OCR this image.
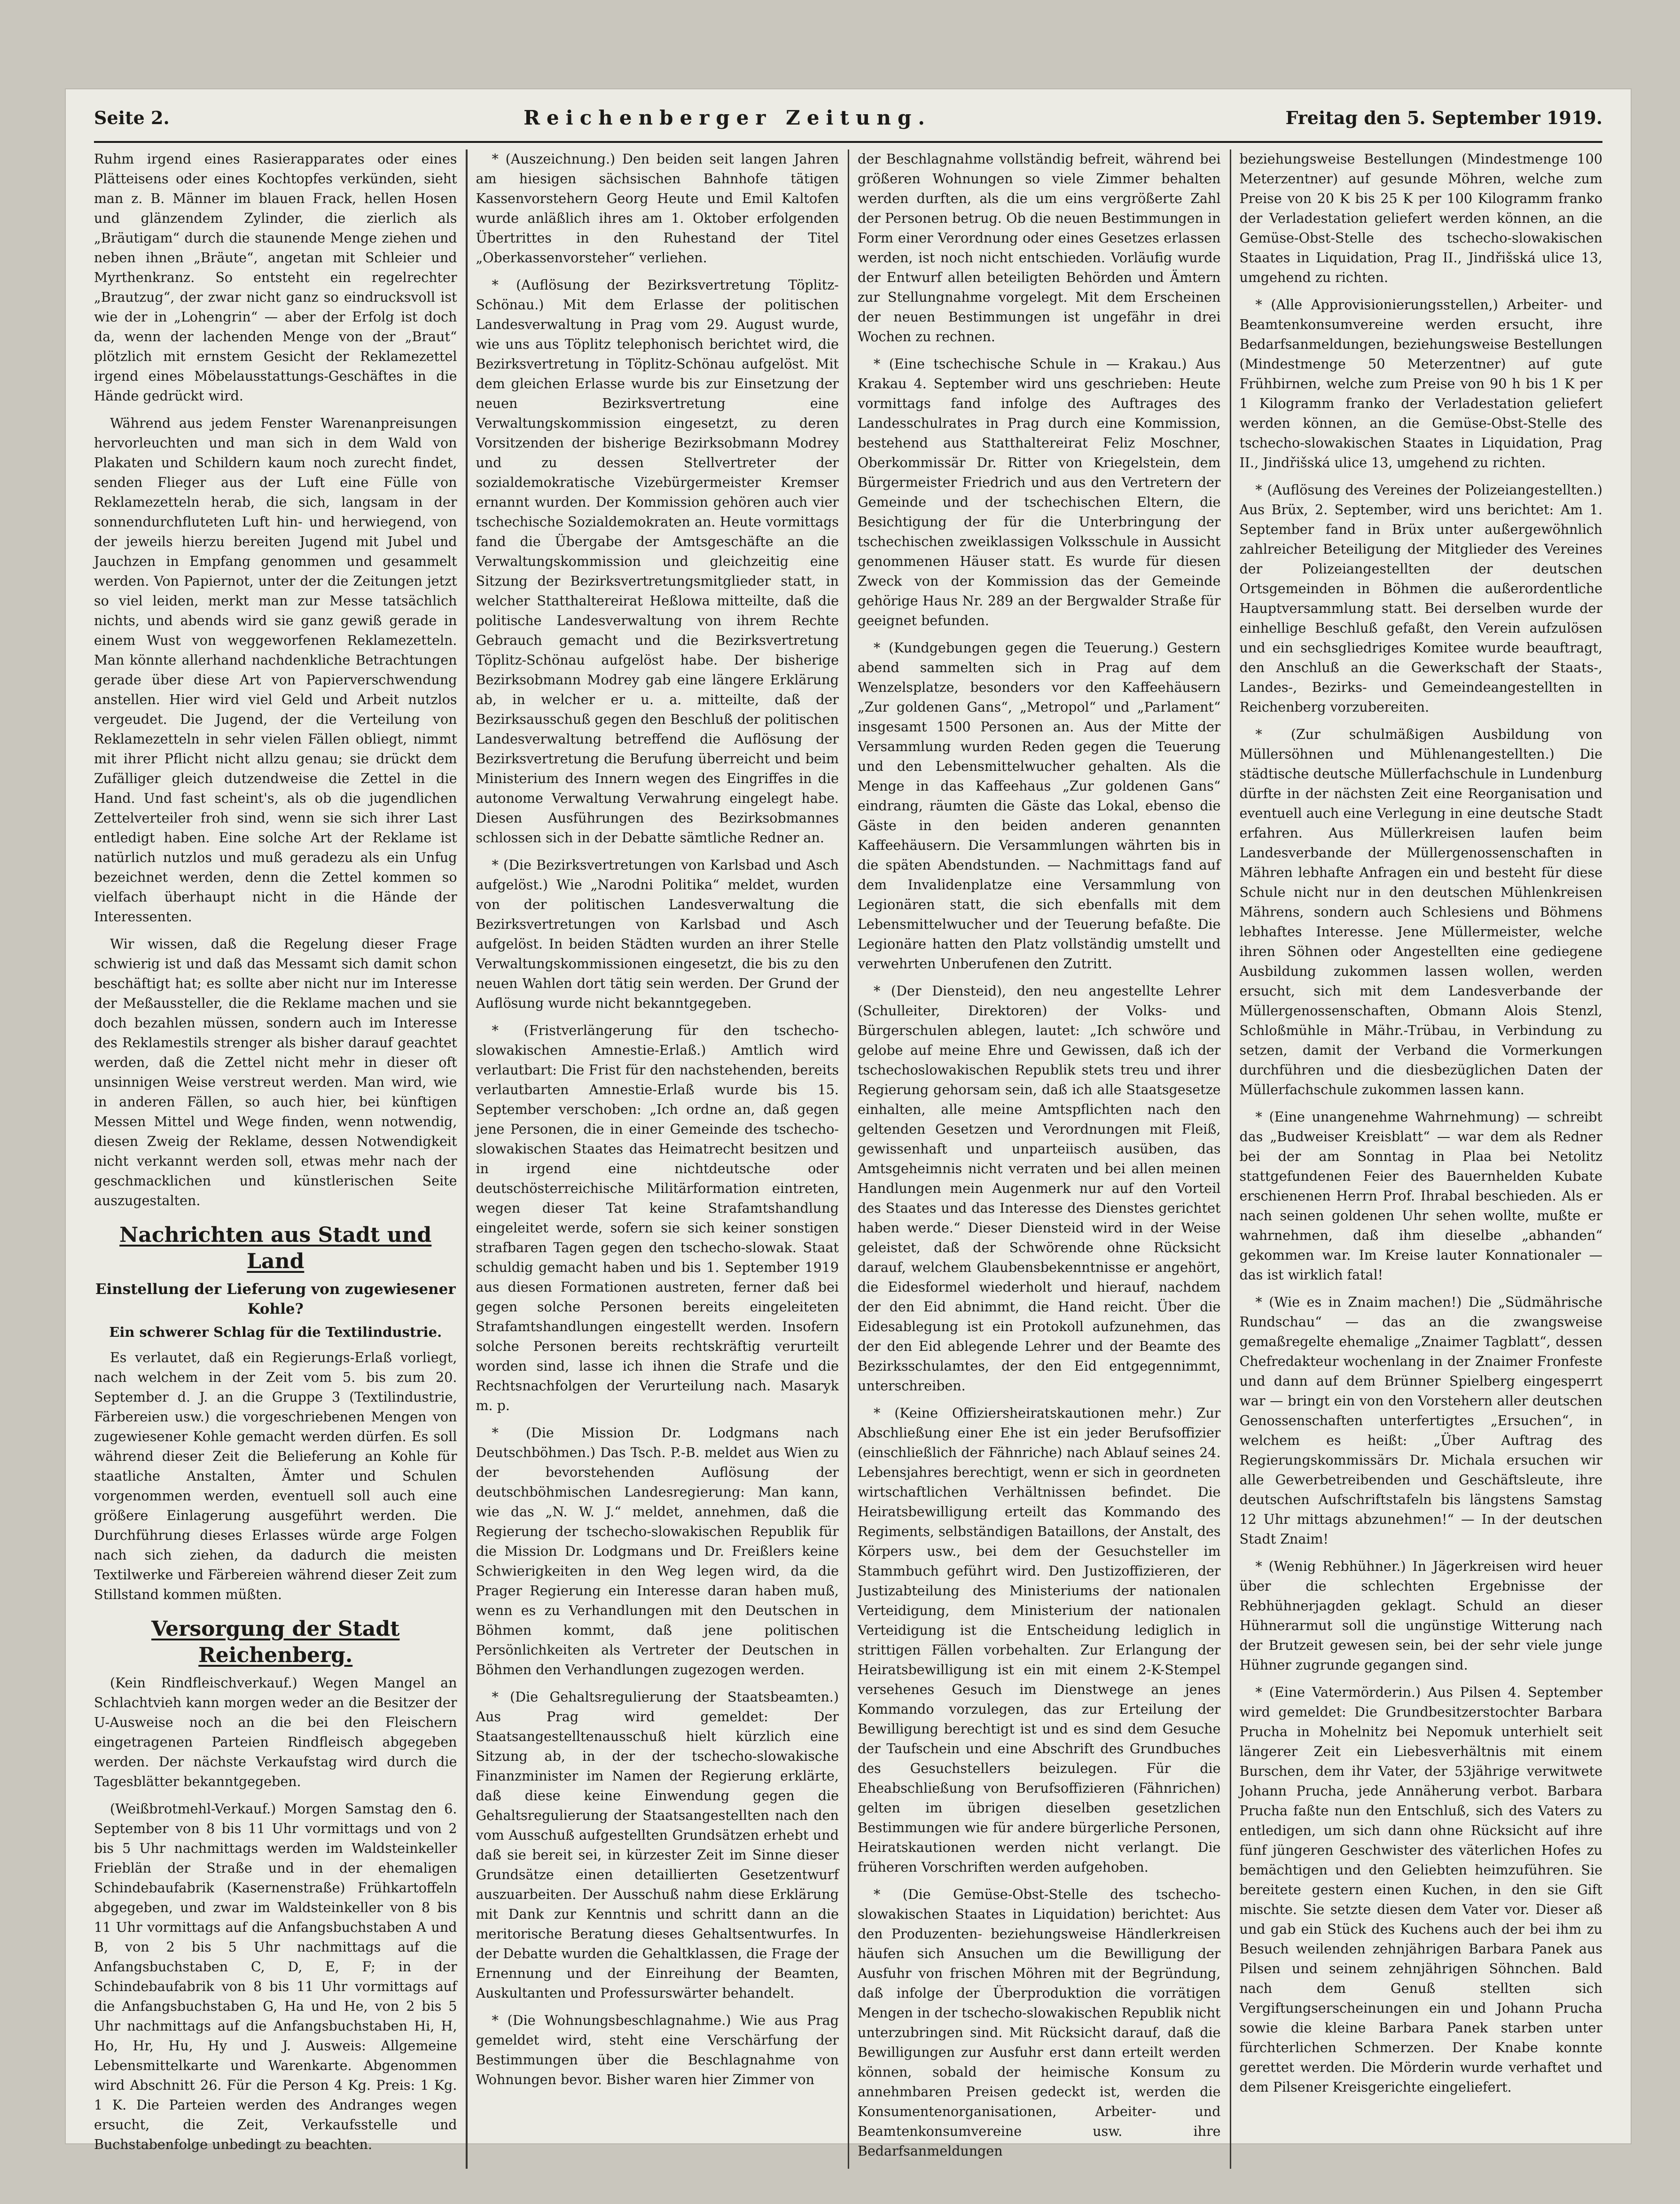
Seite 2.	Reichenberger Zeitung.	Freitag den 5. September 1919.

Ruhm irgend eines Rasierapparates oder eines Plätteisens oder eines Kochtopfes verkünden, sieht man z. B. Männer im blauen Frack, hellen Hosen und glänzendem Zylinder, die zierlich als „Bräutigam“ durch die staunende Menge ziehen und neben ihnen „Bräute“, angetan mit Schleier und Myrthenkranz. So entsteht ein regelrechter „Brautzug“, der zwar nicht ganz so eindrucksvoll ist wie der in „Lohengrin“ — aber der Erfolg ist doch da, wenn der lachenden Menge von der „Braut“ plötzlich mit ernstem Gesicht der Reklamezettel irgend eines Möbelausstattungs-Geschäftes in die Hände gedrückt wird.

Während aus jedem Fenster Warenanpreisungen hervorleuchten und man sich in dem Wald von Plakaten und Schildern kaum noch zurecht findet, senden Flieger aus der Luft eine Fülle von Reklamezetteln herab, die sich, langsam in der sonnendurchfluteten Luft hin- und herwiegend, von der jeweils hierzu bereiten Jugend mit Jubel und Jauchzen in Empfang genommen und gesammelt werden. Von Papiernot, unter der die Zeitungen jetzt so viel leiden, merkt man zur Messe tatsächlich nichts, und abends wird sie ganz gewiß gerade in einem Wust von weggeworfenen Reklamezetteln. Man könnte allerhand nachdenkliche Betrachtungen gerade über diese Art von Papierverschwendung anstellen. Hier wird viel Geld und Arbeit nutzlos vergeudet. Die Jugend, der die Verteilung von Reklamezetteln in sehr vielen Fällen obliegt, nimmt mit ihrer Pflicht nicht allzu genau; sie drückt dem Zufälliger gleich dutzendweise die Zettel in die Hand. Und fast scheint's, als ob die jugendlichen Zettelverteiler froh sind, wenn sie sich ihrer Last entledigt haben. Eine solche Art der Reklame ist natürlich nutzlos und muß geradezu als ein Unfug bezeichnet werden, denn die Zettel kommen so vielfach überhaupt nicht in die Hände der Interessenten.

Wir wissen, daß die Regelung dieser Frage schwierig ist und daß das Messamt sich damit schon beschäftigt hat; es sollte aber nicht nur im Interesse der Meßaussteller, die die Reklame machen und sie doch bezahlen müssen, sondern auch im Interesse des Reklamestils strenger als bisher darauf geachtet werden, daß die Zettel nicht mehr in dieser oft unsinnigen Weise verstreut werden. Man wird, wie in anderen Fällen, so auch hier, bei künftigen Messen Mittel und Wege finden, wenn notwendig, diesen Zweig der Reklame, dessen Notwendigkeit nicht verkannt werden soll, etwas mehr nach der geschmacklichen und künstlerischen Seite auszugestalten.

Nachrichten aus Stadt und Land
Einstellung der Lieferung von zugewiesener Kohle?
Ein schwerer Schlag für die Textilindustrie.

Es verlautet, daß ein Regierungs-Erlaß vorliegt, nach welchem in der Zeit vom 5. bis zum 20. September d. J. an die Gruppe 3 (Textilindustrie, Färbereien usw.) die vorgeschriebenen Mengen von zugewiesener Kohle gemacht werden dürfen. Es soll während dieser Zeit die Belieferung an Kohle für staatliche Anstalten, Ämter und Schulen vorgenommen werden, eventuell soll auch eine größere Einlagerung ausgeführt werden. Die Durchführung dieses Erlasses würde arge Folgen nach sich ziehen, da dadurch die meisten Textilwerke und Färbereien während dieser Zeit zum Stillstand kommen müßten.

Versorgung der Stadt Reichenberg.

(Kein Rindfleischverkauf.) Wegen Mangel an Schlachtvieh kann morgen weder an die Besitzer der U-Ausweise noch an die bei den Fleischern eingetragenen Parteien Rindfleisch abgegeben werden. Der nächste Verkaufstag wird durch die Tagesblätter bekanntgegeben.

(Weißbrotmehl-Verkauf.) Morgen Samstag den 6. September von 8 bis 11 Uhr vormittags und von 2 bis 5 Uhr nachmittags werden im Waldsteinkeller Frieblän der Straße und in der ehemaligen Schindebaufabrik (Kasernenstraße) Frühkartoffeln abgegeben, und zwar im Waldsteinkeller von 8 bis 11 Uhr vormittags auf die Anfangsbuchstaben A und B, von 2 bis 5 Uhr nachmittags auf die Anfangsbuchstaben C, D, E, F; in der Schindebaufabrik von 8 bis 11 Uhr vormittags auf die Anfangsbuchstaben G, Ha und He, von 2 bis 5 Uhr nachmittags auf die Anfangsbuchstaben Hi, H, Ho, Hr, Hu, Hy und J. Ausweis: Allgemeine Lebensmittelkarte und Warenkarte. Abgenommen wird Abschnitt 26. Für die Person 4 Kg. Preis: 1 Kg. 1 K. Die Parteien werden des Andranges wegen ersucht, die Zeit, Verkaufsstelle und Buchstabenfolge unbedingt zu beachten.

* (Auszeichnung.) Den beiden seit langen Jahren am hiesigen sächsischen Bahnhofe tätigen Kassenvorstehern Georg Heute und Emil Kaltofen wurde anläßlich ihres am 1. Oktober erfolgenden Übertrittes in den Ruhestand der Titel „Oberkassenvorsteher“ verliehen.

* (Auflösung der Bezirksvertretung Töplitz-Schönau.) Mit dem Erlasse der politischen Landesverwaltung in Prag vom 29. August wurde, wie uns aus Töplitz telephonisch berichtet wird, die Bezirksvertretung in Töplitz-Schönau aufgelöst. Mit dem gleichen Erlasse wurde bis zur Einsetzung der neuen Bezirksvertretung eine Verwaltungskommission eingesetzt, zu deren Vorsitzenden der bisherige Bezirksobmann Modrey und zu dessen Stellvertreter der sozialdemokratische Vizebürgermeister Kremser ernannt wurden. Der Kommission gehören auch vier tschechische Sozialdemokraten an. Heute vormittags fand die Übergabe der Amtsgeschäfte an die Verwaltungskommission und gleichzeitig eine Sitzung der Bezirksvertretungsmitglieder statt, in welcher Statthaltereirat Heßlowa mitteilte, daß die politische Landesverwaltung von ihrem Rechte Gebrauch gemacht und die Bezirksvertretung Töplitz-Schönau aufgelöst habe. Der bisherige Bezirksobmann Modrey gab eine längere Erklärung ab, in welcher er u. a. mitteilte, daß der Bezirksausschuß gegen den Beschluß der politischen Landesverwaltung betreffend die Auflösung der Bezirksvertretung die Berufung überreicht und beim Ministerium des Innern wegen des Eingriffes in die autonome Verwaltung Verwahrung eingelegt habe. Diesen Ausführungen des Bezirksobmannes schlossen sich in der Debatte sämtliche Redner an.

* (Die Bezirksvertretungen von Karlsbad und Asch aufgelöst.) Wie „Narodni Politika“ meldet, wurden von der politischen Landesverwaltung die Bezirksvertretungen von Karlsbad und Asch aufgelöst. In beiden Städten wurden an ihrer Stelle Verwaltungskommissionen eingesetzt, die bis zu den neuen Wahlen dort tätig sein werden. Der Grund der Auflösung wurde nicht bekanntgegeben.

* (Fristverlängerung für den tschecho-slowakischen Amnestie-Erlaß.) Amtlich wird verlautbart: Die Frist für den nachstehenden, bereits verlautbarten Amnestie-Erlaß wurde bis 15. September verschoben: „Ich ordne an, daß gegen jene Personen, die in einer Gemeinde des tschecho-slowakischen Staates das Heimatrecht besitzen und in irgend eine nichtdeutsche oder deutschösterreichische Militärformation eintreten, wegen dieser Tat keine Strafamtshandlung eingeleitet werde, sofern sie sich keiner sonstigen strafbaren Tagen gegen den tschecho-slowak. Staat schuldig gemacht haben und bis 1. September 1919 aus diesen Formationen austreten, ferner daß bei gegen solche Personen bereits eingeleiteten Strafamtshandlungen eingestellt werden. Insofern solche Personen bereits rechtskräftig verurteilt worden sind, lasse ich ihnen die Strafe und die Rechtsnachfolgen der Verurteilung nach. Masaryk m. p.

* (Die Mission Dr. Lodgmans nach Deutschböhmen.) Das Tsch. P.-B. meldet aus Wien zu der bevorstehenden Auflösung der deutschböhmischen Landesregierung: Man kann, wie das „N. W. J.“ meldet, annehmen, daß die Regierung der tschecho-slowakischen Republik für die Mission Dr. Lodgmans und Dr. Freißlers keine Schwierigkeiten in den Weg legen wird, da die Prager Regierung ein Interesse daran haben muß, wenn es zu Verhandlungen mit den Deutschen in Böhmen kommt, daß jene politischen Persönlichkeiten als Vertreter der Deutschen in Böhmen den Verhandlungen zugezogen werden.

* (Die Gehaltsregulierung der Staatsbeamten.) Aus Prag wird gemeldet: Der Staatsangestelltenausschuß hielt kürzlich eine Sitzung ab, in der der tschecho-slowakische Finanzminister im Namen der Regierung erklärte, daß diese keine Einwendung gegen die Gehaltsregulierung der Staatsangestellten nach den vom Ausschuß aufgestellten Grundsätzen erhebt und daß sie bereit sei, in kürzester Zeit im Sinne dieser Grundsätze einen detaillierten Gesetzentwurf auszuarbeiten. Der Ausschuß nahm diese Erklärung mit Dank zur Kenntnis und schritt dann an die meritorische Beratung dieses Gehaltsentwurfes. In der Debatte wurden die Gehaltklassen, die Frage der Ernennung und der Einreihung der Beamten, Auskultanten und Professurswärter behandelt.

* (Die Wohnungsbeschlagnahme.) Wie aus Prag gemeldet wird, steht eine Verschärfung der Bestimmungen über die Beschlagnahme von Wohnungen bevor. Bisher waren hier Zimmer von

der Beschlagnahme vollständig befreit, während bei größeren Wohnungen so viele Zimmer behalten werden durften, als die um eins vergrößerte Zahl der Personen betrug. Ob die neuen Bestimmungen in Form einer Verordnung oder eines Gesetzes erlassen werden, ist noch nicht entschieden. Vorläufig wurde der Entwurf allen beteiligten Behörden und Ämtern zur Stellungnahme vorgelegt. Mit dem Erscheinen der neuen Bestimmungen ist ungefähr in drei Wochen zu rechnen.

* (Eine tschechische Schule in — Krakau.) Aus Krakau 4. September wird uns geschrieben: Heute vormittags fand infolge des Auftrages des Landesschulrates in Prag durch eine Kommission, bestehend aus Statthaltereirat Feliz Moschner, Oberkommissär Dr. Ritter von Kriegelstein, dem Bürgermeister Friedrich und aus den Vertretern der Gemeinde und der tschechischen Eltern, die Besichtigung der für die Unterbringung der tschechischen zweiklassigen Volksschule in Aussicht genommenen Häuser statt. Es wurde für diesen Zweck von der Kommission das der Gemeinde gehörige Haus Nr. 289 an der Bergwalder Straße für geeignet befunden.

* (Kundgebungen gegen die Teuerung.) Gestern abend sammelten sich in Prag auf dem Wenzelsplatze, besonders vor den Kaffeehäusern „Zur goldenen Gans“, „Metropol“ und „Parlament“ insgesamt 1500 Personen an. Aus der Mitte der Versammlung wurden Reden gegen die Teuerung und den Lebensmittelwucher gehalten. Als die Menge in das Kaffeehaus „Zur goldenen Gans“ eindrang, räumten die Gäste das Lokal, ebenso die Gäste in den beiden anderen genannten Kaffeehäusern. Die Versammlungen währten bis in die späten Abendstunden. — Nachmittags fand auf dem Invalidenplatze eine Versammlung von Legionären statt, die sich ebenfalls mit dem Lebensmittelwucher und der Teuerung befaßte. Die Legionäre hatten den Platz vollständig umstellt und verwehrten Unberufenen den Zutritt.

* (Der Diensteid), den neu angestellte Lehrer (Schulleiter, Direktoren) der Volks- und Bürgerschulen ablegen, lautet: „Ich schwöre und gelobe auf meine Ehre und Gewissen, daß ich der tschechoslowakischen Republik stets treu und ihrer Regierung gehorsam sein, daß ich alle Staatsgesetze einhalten, alle meine Amtspflichten nach den geltenden Gesetzen und Verordnungen mit Fleiß, gewissenhaft und unparteiisch ausüben, das Amtsgeheimnis nicht verraten und bei allen meinen Handlungen mein Augenmerk nur auf den Vorteil des Staates und das Interesse des Dienstes gerichtet haben werde.“ Dieser Diensteid wird in der Weise geleistet, daß der Schwörende ohne Rücksicht darauf, welchem Glaubensbekenntnisse er angehört, die Eidesformel wiederholt und hierauf, nachdem der den Eid abnimmt, die Hand reicht. Über die Eidesablegung ist ein Protokoll aufzunehmen, das der den Eid ablegende Lehrer und der Beamte des Bezirksschulamtes, der den Eid entgegennimmt, unterschreiben.

* (Keine Offiziersheiratskautionen mehr.) Zur Abschließung einer Ehe ist ein jeder Berufsoffizier (einschließlich der Fähnriche) nach Ablauf seines 24. Lebensjahres berechtigt, wenn er sich in geordneten wirtschaftlichen Verhältnissen befindet. Die Heiratsbewilligung erteilt das Kommando des Regiments, selbständigen Bataillons, der Anstalt, des Körpers usw., bei dem der Gesuchsteller im Stammbuch geführt wird. Den Justizoffizieren, der Justizabteilung des Ministeriums der nationalen Verteidigung, dem Ministerium der nationalen Verteidigung ist die Entscheidung lediglich in strittigen Fällen vorbehalten. Zur Erlangung der Heiratsbewilligung ist ein mit einem 2-K-Stempel versehenes Gesuch im Dienstwege an jenes Kommando vorzulegen, das zur Erteilung der Bewilligung berechtigt ist und es sind dem Gesuche der Taufschein und eine Abschrift des Grundbuches des Gesuchstellers beizulegen. Für die Eheabschließung von Berufsoffizieren (Fähnrichen) gelten im übrigen dieselben gesetzlichen Bestimmungen wie für andere bürgerliche Personen, Heiratskautionen werden nicht verlangt. Die früheren Vorschriften werden aufgehoben.

* (Die Gemüse-Obst-Stelle des tschecho-slowakischen Staates in Liquidation) berichtet: Aus den Produzenten- beziehungsweise Händlerkreisen häufen sich Ansuchen um die Bewilligung der Ausfuhr von frischen Möhren mit der Begründung, daß infolge der Überproduktion die vorrätigen Mengen in der tschecho-slowakischen Republik nicht unterzubringen sind. Mit Rücksicht darauf, daß die Bewilligungen zur Ausfuhr erst dann erteilt werden können, sobald der heimische Konsum zu annehmbaren Preisen gedeckt ist, werden die Konsumentenorganisationen, Arbeiter- und Beamtenkonsumvereine usw. ihre Bedarfsanmeldungen

beziehungsweise Bestellungen (Mindestmenge 100 Meterzentner) auf gesunde Möhren, welche zum Preise von 20 K bis 25 K per 100 Kilogramm franko der Verladestation geliefert werden können, an die Gemüse-Obst-Stelle des tschecho-slowakischen Staates in Liquidation, Prag II., Jindřišská ulice 13, umgehend zu richten.

* (Alle Approvisionierungsstellen,) Arbeiter- und Beamtenkonsumvereine werden ersucht, ihre Bedarfsanmeldungen, beziehungsweise Bestellungen (Mindestmenge 50 Meterzentner) auf gute Frühbirnen, welche zum Preise von 90 h bis 1 K per 1 Kilogramm franko der Verladestation geliefert werden können, an die Gemüse-Obst-Stelle des tschecho-slowakischen Staates in Liquidation, Prag II., Jindřišská ulice 13, umgehend zu richten.

* (Auflösung des Vereines der Polizeiangestellten.) Aus Brüx, 2. September, wird uns berichtet: Am 1. September fand in Brüx unter außergewöhnlich zahlreicher Beteiligung der Mitglieder des Vereines der Polizeiangestellten der deutschen Ortsgemeinden in Böhmen die außerordentliche Hauptversammlung statt. Bei derselben wurde der einhellige Beschluß gefaßt, den Verein aufzulösen und ein sechsgliedriges Komitee wurde beauftragt, den Anschluß an die Gewerkschaft der Staats-, Landes-, Bezirks- und Gemeindeangestellten in Reichenberg vorzubereiten.

* (Zur schulmäßigen Ausbildung von Müllersöhnen und Mühlenangestellten.) Die städtische deutsche Müllerfachschule in Lundenburg dürfte in der nächsten Zeit eine Reorganisation und eventuell auch eine Verlegung in eine deutsche Stadt erfahren. Aus Müllerkreisen laufen beim Landesverbande der Müllergenossenschaften in Mähren lebhafte Anfragen ein und besteht für diese Schule nicht nur in den deutschen Mühlenkreisen Mährens, sondern auch Schlesiens und Böhmens lebhaftes Interesse. Jene Müllermeister, welche ihren Söhnen oder Angestellten eine gediegene Ausbildung zukommen lassen wollen, werden ersucht, sich mit dem Landesverbande der Müllergenossenschaften, Obmann Alois Stenzl, Schloßmühle in Mähr.-Trübau, in Verbindung zu setzen, damit der Verband die Vormerkungen durchführen und die diesbezüglichen Daten der Müllerfachschule zukommen lassen kann.

* (Eine unangenehme Wahrnehmung) — schreibt das „Budweiser Kreisblatt“ — war dem als Redner bei der am Sonntag in Plaa bei Netolitz stattgefundenen Feier des Bauernhelden Kubate erschienenen Herrn Prof. Ihrabal beschieden. Als er nach seinen goldenen Uhr sehen wollte, mußte er wahrnehmen, daß ihm dieselbe „abhanden“ gekommen war. Im Kreise lauter Konnationaler — das ist wirklich fatal!

* (Wie es in Znaim machen!) Die „Südmährische Rundschau“ — das an die zwangsweise gemaßregelte ehemalige „Znaimer Tagblatt“, dessen Chefredakteur wochenlang in der Znaimer Fronfeste und dann auf dem Brünner Spielberg eingesperrt war — bringt ein von den Vorstehern aller deutschen Genossenschaften unterfertigtes „Ersuchen“, in welchem es heißt: „Über Auftrag des Regierungskommissärs Dr. Michala ersuchen wir alle Gewerbetreibenden und Geschäftsleute, ihre deutschen Aufschriftstafeln bis längstens Samstag 12 Uhr mittags abzunehmen!“ — In der deutschen Stadt Znaim!

* (Wenig Rebhühner.) In Jägerkreisen wird heuer über die schlechten Ergebnisse der Rebhühnerjagden geklagt. Schuld an dieser Hühnerarmut soll die ungünstige Witterung nach der Brutzeit gewesen sein, bei der sehr viele junge Hühner zugrunde gegangen sind.

* (Eine Vatermörderin.) Aus Pilsen 4. September wird gemeldet: Die Grundbesitzerstochter Barbara Prucha in Mohelnitz bei Nepomuk unterhielt seit längerer Zeit ein Liebesverhältnis mit einem Burschen, dem ihr Vater, der 53jährige verwitwete Johann Prucha, jede Annäherung verbot. Barbara Prucha faßte nun den Entschluß, sich des Vaters zu entledigen, um sich dann ohne Rücksicht auf ihre fünf jüngeren Geschwister des väterlichen Hofes zu bemächtigen und den Geliebten heimzuführen. Sie bereitete gestern einen Kuchen, in den sie Gift mischte. Sie setzte diesen dem Vater vor. Dieser aß und gab ein Stück des Kuchens auch der bei ihm zu Besuch weilenden zehnjährigen Barbara Panek aus Pilsen und seinem zehnjährigen Söhnchen. Bald nach dem Genuß stellten sich Vergiftungserscheinungen ein und Johann Prucha sowie die kleine Barbara Panek starben unter fürchterlichen Schmerzen. Der Knabe konnte gerettet werden. Die Mörderin wurde verhaftet und dem Pilsener Kreisgerichte eingeliefert.
